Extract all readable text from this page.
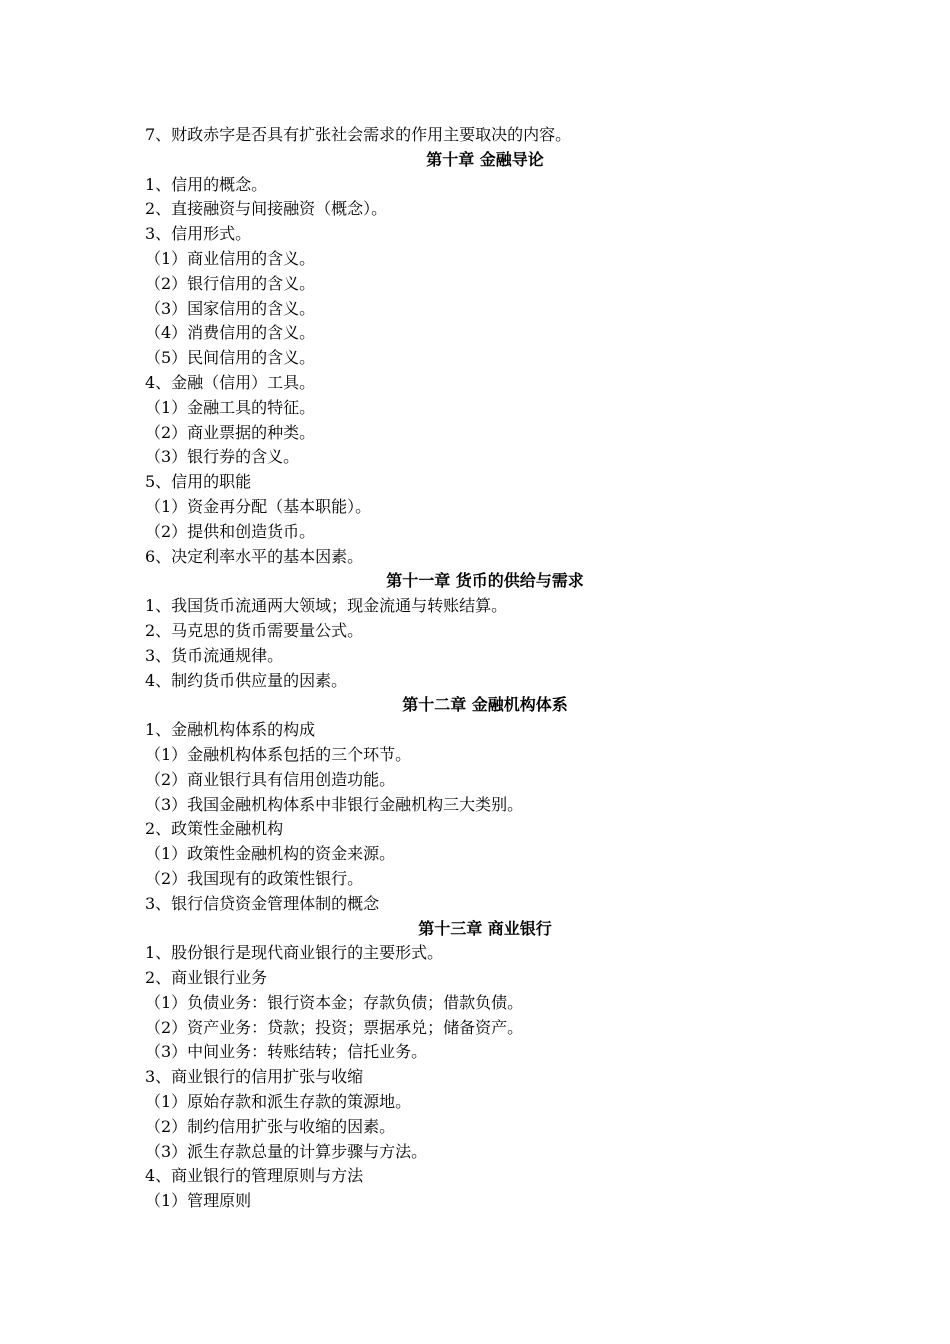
7、财政赤字是否具有扩张社会需求的作用主要取决的内容。
第十章 金融导论
1、信用的概念。
2、直接融资与间接融资（概念）。
3、信用形式。
（1）商业信用的含义。
（2）银行信用的含义。
（3）国家信用的含义。
（4）消费信用的含义。
（5）民间信用的含义。
4、金融（信用）工具。
（1）金融工具的特征。
（2）商业票据的种类。
（3）银行券的含义。
5、信用的职能
（1）资金再分配（基本职能）。
（2）提供和创造货币。
6、决定利率水平的基本因素。
第十一章 货币的供给与需求
1、我国货币流通两大领域；现金流通与转账结算。
2、马克思的货币需要量公式。
3、货币流通规律。
4、制约货币供应量的因素。
第十二章 金融机构体系
1、金融机构体系的构成
（1）金融机构体系包括的三个环节。
（2）商业银行具有信用创造功能。
（3）我国金融机构体系中非银行金融机构三大类别。
2、政策性金融机构
（1）政策性金融机构的资金来源。
（2）我国现有的政策性银行。
3、银行信贷资金管理体制的概念
第十三章 商业银行
1、股份银行是现代商业银行的主要形式。
2、商业银行业务
（1）负债业务：银行资本金；存款负债；借款负债。
（2）资产业务：贷款；投资；票据承兑；储备资产。
（3）中间业务：转账结转；信托业务。
3、商业银行的信用扩张与收缩
（1）原始存款和派生存款的策源地。
（2）制约信用扩张与收缩的因素。
（3）派生存款总量的计算步骤与方法。
4、商业银行的管理原则与方法
（1）管理原则
